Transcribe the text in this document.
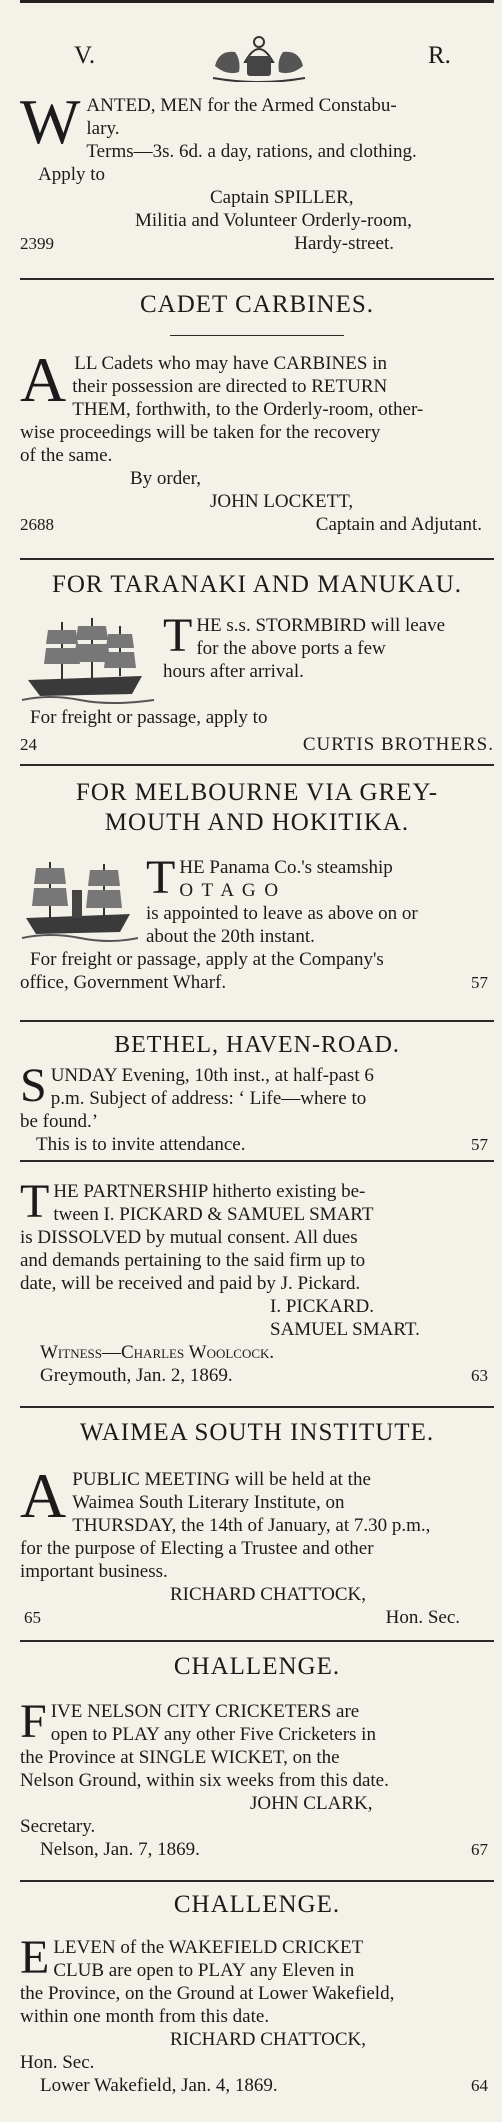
V.	R.

WANTED, MEN for the Armed Constabu-

lary.

Terms—3s. 6d. a day, rations, and clothing.

Apply to

Captain SPILLER,

Militia and Volunteer Orderly-room,

2399	Hardy-street.
CADET CARBINES.

ALL Cadets who may have CARBINES in

their possession are directed to RETURN

THEM, forthwith, to the Orderly-room, other-

wise proceedings will be taken for the recovery

of the same.

By order,

JOHN LOCKETT,

2688	Captain and Adjutant.
FOR TARANAKI AND MANUKAU.

THE s.s. STORMBIRD will leave

for the above ports a few

hours after arrival.

For freight or passage, apply to

24	CURTIS BROTHERS.
FOR MELBOURNE VIA GREY-
MOUTH AND HOKITIKA.

THE Panama Co.'s steamship

O T A G O

is appointed to leave as above on or

about the 20th instant.

For freight or passage, apply at the Company's

office, Government Wharf.	57
BETHEL, HAVEN-ROAD.

SUNDAY Evening, 10th inst., at half-past 6

p.m. Subject of address: ‘ Life—where to

be found.’

This is to invite attendance.	57

THE PARTNERSHIP hitherto existing be-

tween I. PICKARD & SAMUEL SMART

is DISSOLVED by mutual consent. All dues

and demands pertaining to the said firm up to

date, will be received and paid by J. Pickard.

I. PICKARD.

SAMUEL SMART.

Witness—Charles Woolcock.

Greymouth, Jan. 2, 1869.	63
WAIMEA SOUTH INSTITUTE.

APUBLIC MEETING will be held at the

Waimea South Literary Institute, on

THURSDAY, the 14th of January, at 7.30 p.m.,

for the purpose of Electing a Trustee and other

important business.

RICHARD CHATTOCK,

65	Hon. Sec.
CHALLENGE.

FIVE NELSON CITY CRICKETERS are

open to PLAY any other Five Cricketers in

the Province at SINGLE WICKET, on the

Nelson Ground, within six weeks from this date.

JOHN CLARK,

Secretary.

Nelson, Jan. 7, 1869.	67
CHALLENGE.

ELEVEN of the WAKEFIELD CRICKET

CLUB are open to PLAY any Eleven in

the Province, on the Ground at Lower Wakefield,

within one month from this date.

RICHARD CHATTOCK,

Hon. Sec.

Lower Wakefield, Jan. 4, 1869.	64
